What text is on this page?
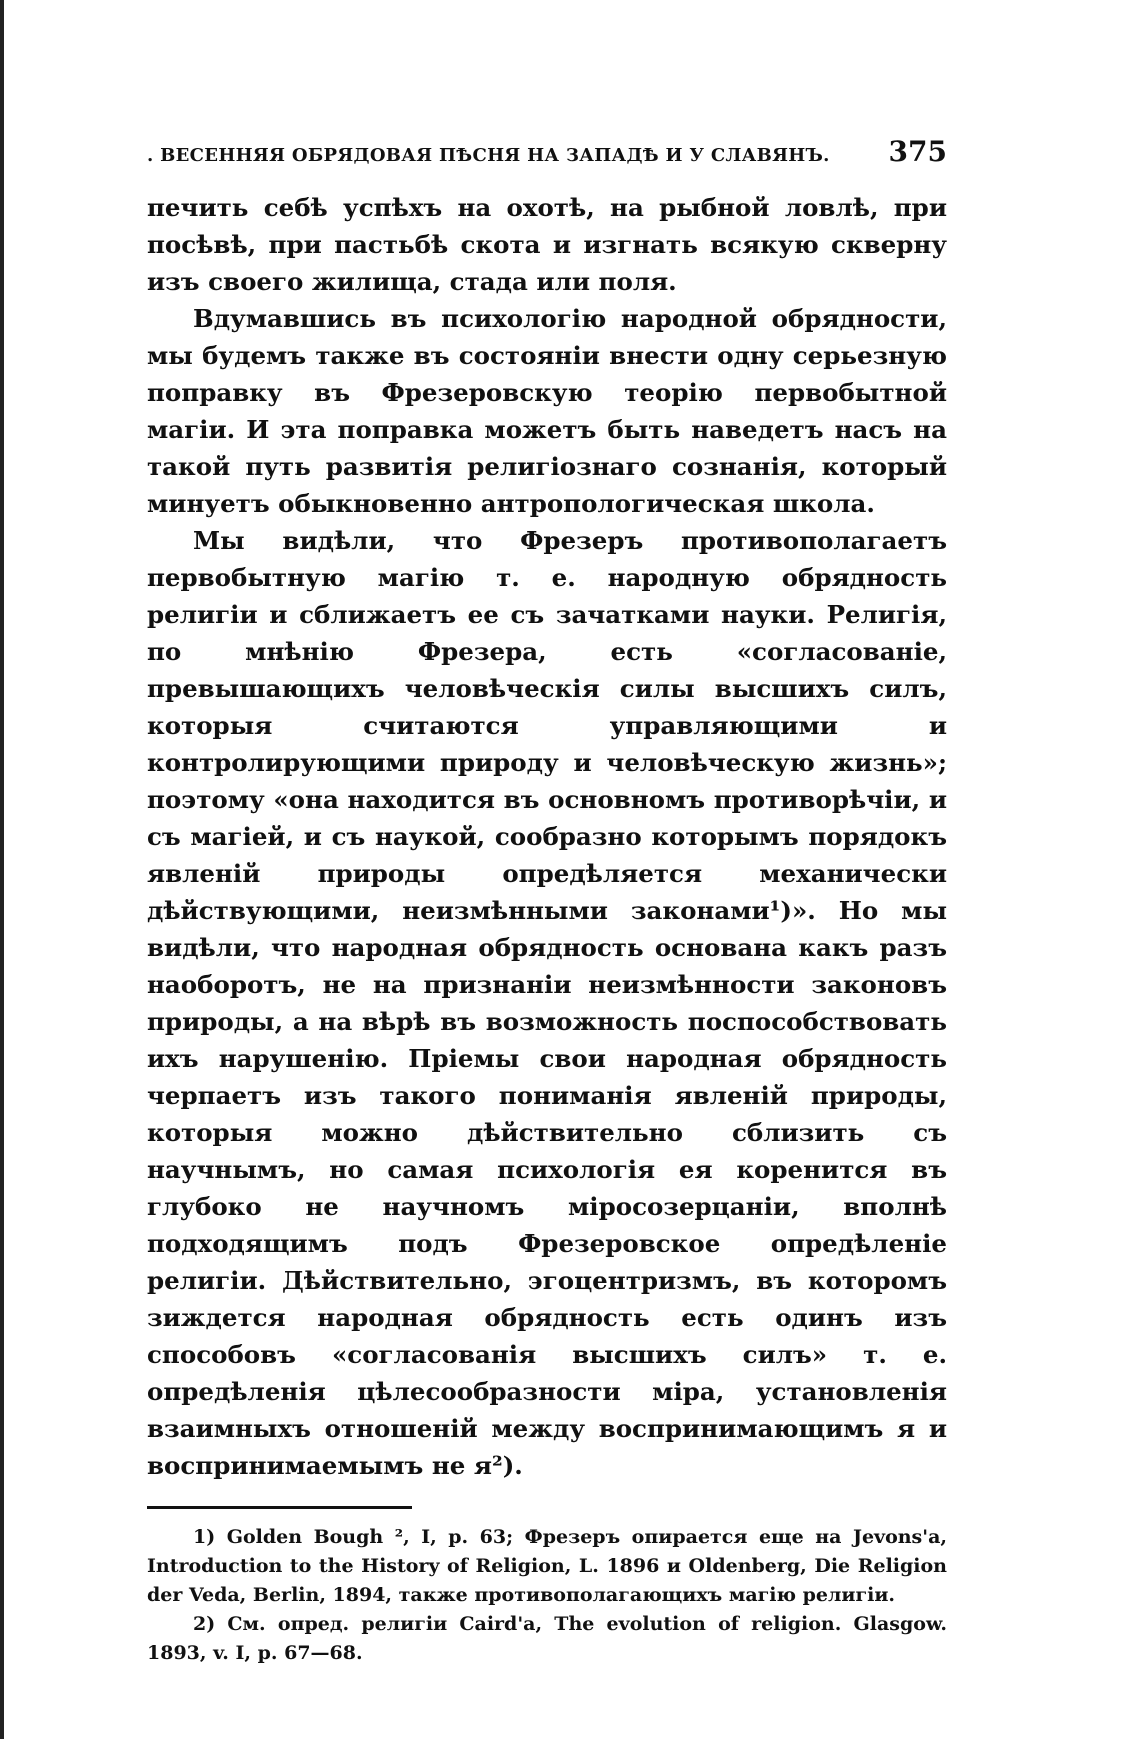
. ВЕСЕННЯЯ ОБРЯДОВАЯ ПѢСНЯ НА ЗАПАДѢ И У СЛАВЯНЪ. 375

печить себѣ успѣхъ на охотѣ, на рыбной ловлѣ, при посѣвѣ, при пастьбѣ скота и изгнать всякую скверну изъ своего жилища, стада или поля.

Вдумавшись въ психологію народной обрядности, мы будемъ также въ состояніи внести одну серьезную поправку въ Фрезеровскую теорію первобытной магіи. И эта поправка можетъ быть наведетъ насъ на такой путь развитія религіознаго сознанія, который минуетъ обыкновенно антропологическая школа.

Мы видѣли, что Фрезеръ противополагаетъ первобытную магію т. е. народную обрядность религіи и сближаетъ ее съ зачатками науки. Религія, по мнѣнію Фрезера, есть «согласованіе, превышающихъ человѣческія силы высшихъ силъ, которыя считаются управляющими и контролирующими природу и человѣческую жизнь»; поэтому «она находится въ основномъ противорѣчіи, и съ магіей, и съ наукой, сообразно которымъ порядокъ явленій природы опредѣляется механически дѣйствующими, неизмѣнными законами¹)». Но мы видѣли, что народная обрядность основана какъ разъ наоборотъ, не на признаніи неизмѣнности законовъ природы, а на вѣрѣ въ возможность поспособствовать ихъ нарушенію. Пріемы свои народная обрядность черпаетъ изъ такого пониманія явленій природы, которыя можно дѣйствительно сблизить съ научнымъ, но самая психологія ея коренится въ глубоко не научномъ міросозерцаніи, вполнѣ подходящимъ подъ Фрезеровское опредѣленіе религіи. Дѣйствительно, эгоцентризмъ, въ которомъ зиждется народная обрядность есть одинъ изъ способовъ «согласованія высшихъ силъ» т. е. опредѣленія цѣлесообразности міра, установленія взаимныхъ отношеній между воспринимающимъ я и воспринимаемымъ не я²).

1) Golden Bough ², I, p. 63; Фрезеръ опирается еще на Jevons'a, Introduction to the History of Religion, L. 1896 и Oldenberg, Die Religion der Veda, Berlin, 1894, также противополагающихъ магію религіи.

2) См. опред. религіи Caird'a, The evolution of religion. Glasgow. 1893, v. I, p. 67—68.
